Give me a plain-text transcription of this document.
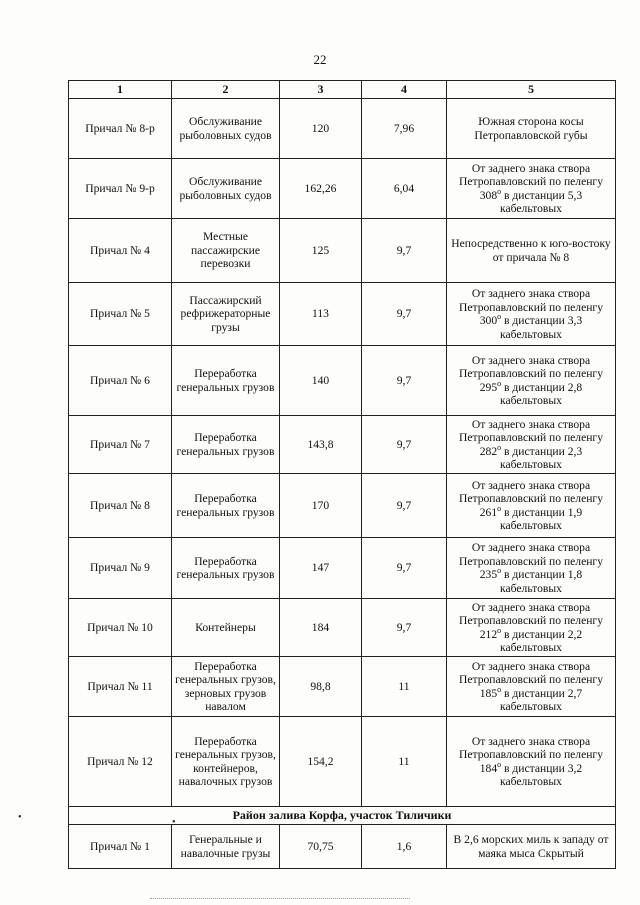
22
1	2	3	4	5
Причал № 8-р	Обслуживание рыболовных судов	120	7,96	Южная сторона косы Петропавловской губы
Причал № 9-р	Обслуживание рыболовных судов	162,26	6,04	От заднего знака створа Петропавловский по пеленгу $308^о$ в дистанции 5,3 кабельтовых
Причал № 4	Местные пассажирские перевозки	125	9,7	Непосредственно к юго-востоку от причала № 8
Причал № 5	Пассажирский рефрижераторные грузы	113	9,7	От заднего знака створа Петропавловский по пеленгу $300^о$ в дистанции 3,3 кабельтовых
Причал № 6	Переработка генеральных грузов	140	9,7	От заднего знака створа Петропавловский по пеленгу $295^о$ в дистанции 2,8 кабельтовых
Причал № 7	Переработка генеральных грузов	143,8	9,7	От заднего знака створа Петропавловский по пеленгу $282^о$ в дистанции 2,3 кабельтовых
Причал № 8	Переработка генеральных грузов	170	9,7	От заднего знака створа Петропавловский по пеленгу $261^о$ в дистанции 1,9 кабельтовых
Причал № 9	Переработка генеральных грузов	147	9,7	От заднего знака створа Петропавловский по пеленгу $235^о$ в дистанции 1,8 кабельтовых
Причал № 10	Контейнеры	184	9,7	От заднего знака створа Петропавловский по пеленгу $212^о$ в дистанции 2,2 кабельтовых
Причал № 11	Переработка генеральных грузов, зерновых грузов навалом	98,8	11	От заднего знака створа Петропавловский по пеленгу $185^о$ в дистанции 2,7 кабельтовых
Причал № 12	Переработка генеральных грузов, контейнеров, навалочных грузов	154,2	11	От заднего знака створа Петропавловский по пеленгу $184^о$ в дистанции 3,2 кабельтовых
Район залива Корфа, участок Тиличики				
Причал № 1	Генеральные и навалочные грузы	70,75	1,6	В 2,6 морских миль к западу от маяка мыса Скрытый
•	•
